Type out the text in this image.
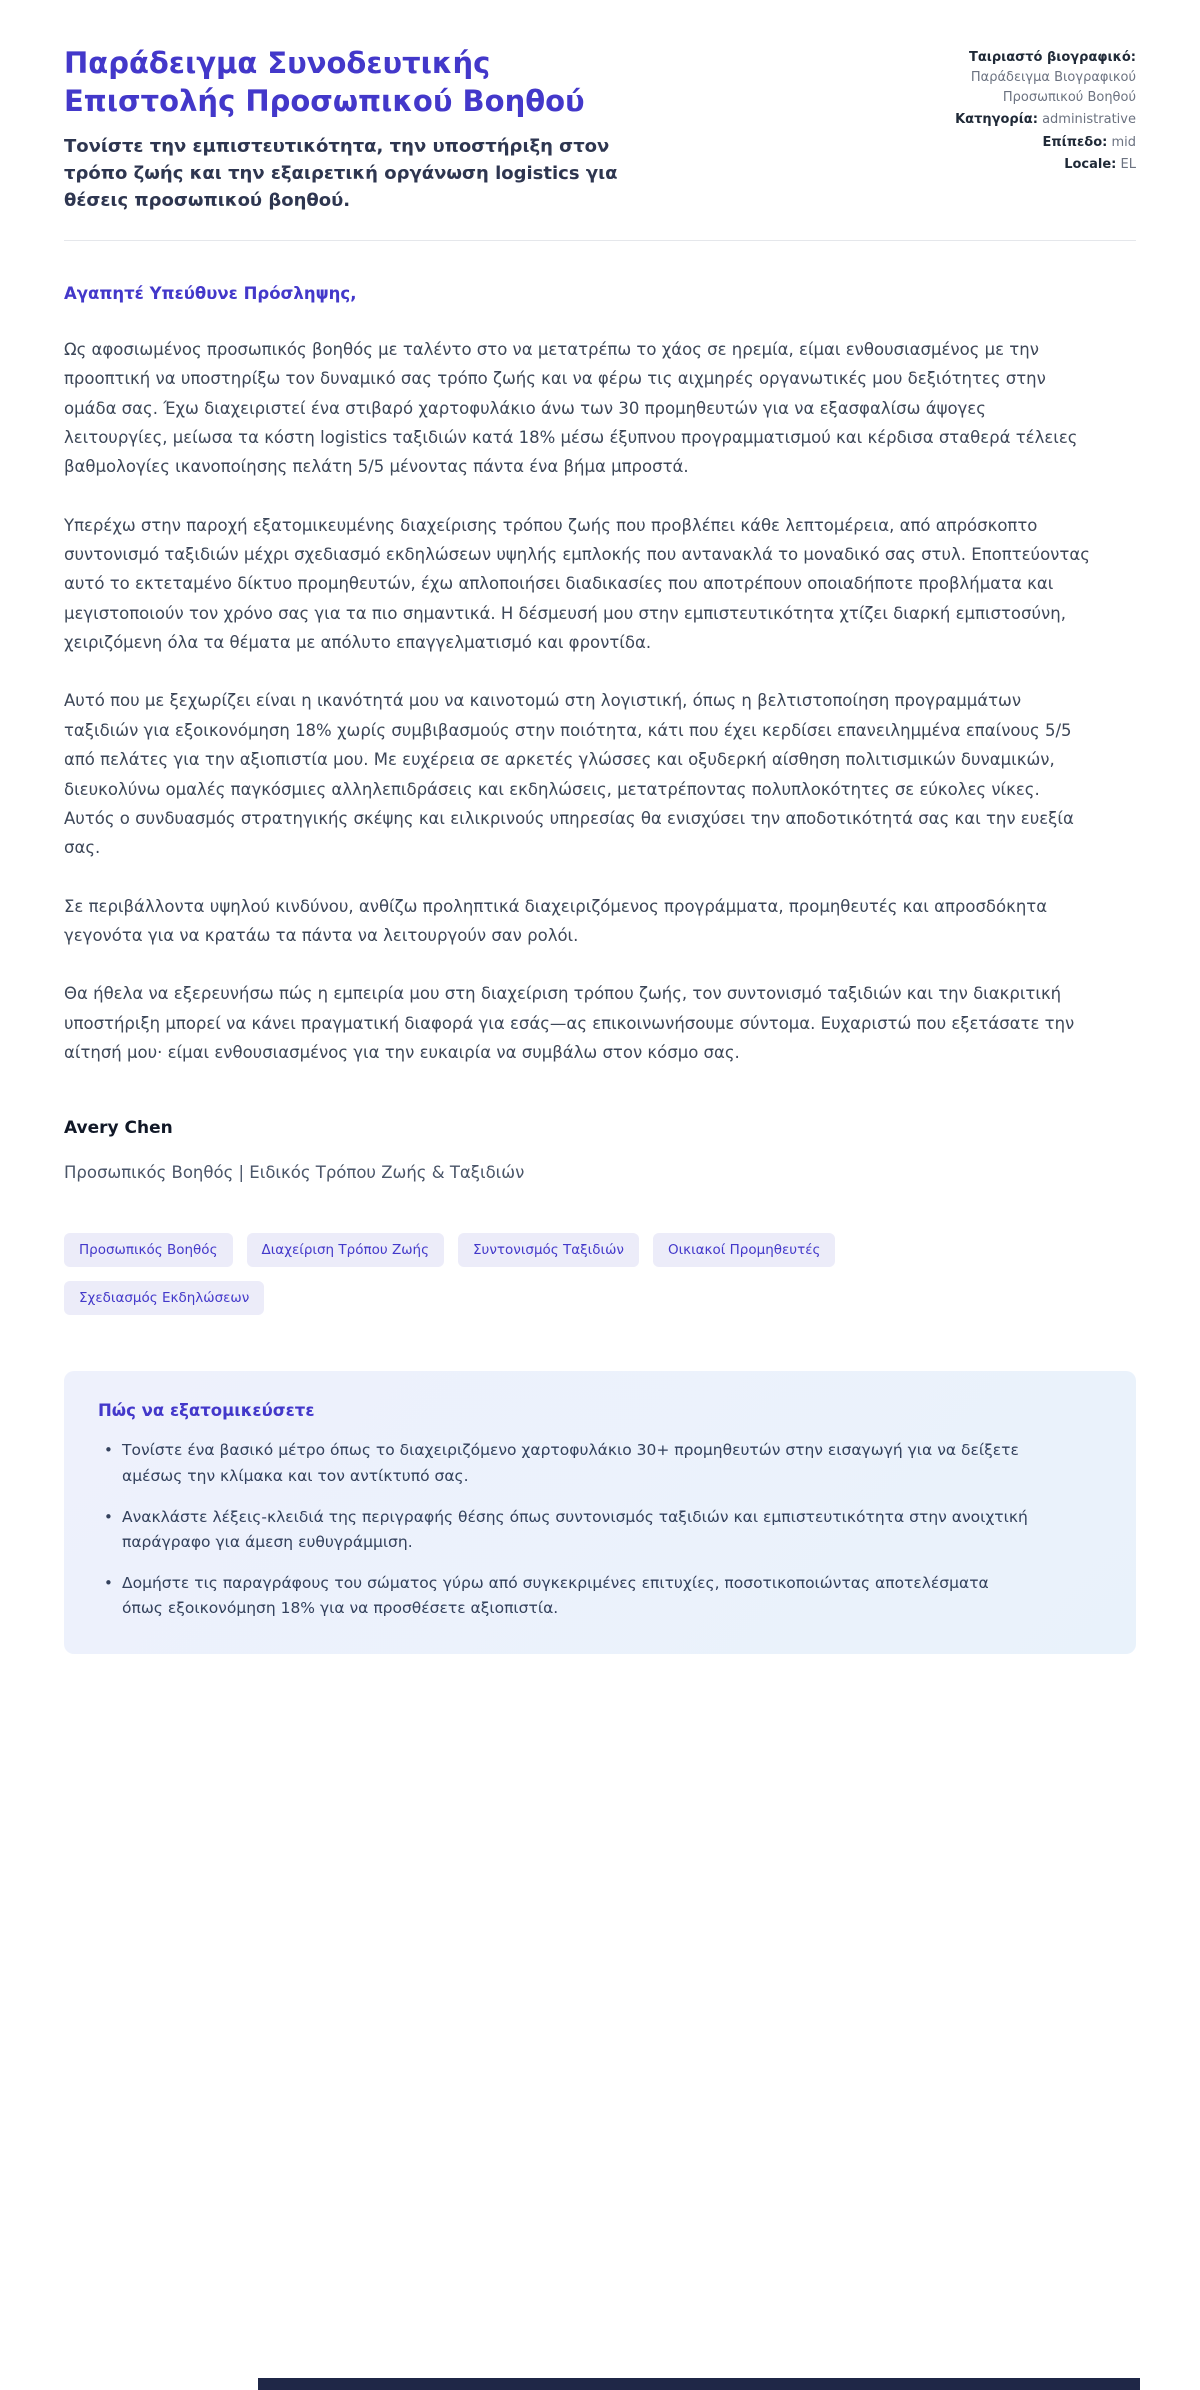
Παράδειγμα Συνοδευτικής Επιστολής Προσωπικού Βοηθού
Τονίστε την εμπιστευτικότητα, την υποστήριξη στον τρόπο ζωής και την εξαιρετική οργάνωση logistics για θέσεις προσωπικού βοηθού.
Ταιριαστό βιογραφικό: Παράδειγμα Βιογραφικού Προσωπικού Βοηθού
Κατηγορία: administrative
Επίπεδο: mid
Locale: EL
Αγαπητέ Υπεύθυνε Πρόσληψης,

Ως αφοσιωμένος προσωπικός βοηθός με ταλέντο στο να μετατρέπω το χάος σε ηρεμία, είμαι ενθουσιασμένος με την προοπτική να υποστηρίξω τον δυναμικό σας τρόπο ζωής και να φέρω τις αιχμηρές οργανωτικές μου δεξιότητες στην ομάδα σας. Έχω διαχειριστεί ένα στιβαρό χαρτοφυλάκιο άνω των 30 προμηθευτών για να εξασφαλίσω άψογες λειτουργίες, μείωσα τα κόστη logistics ταξιδιών κατά 18% μέσω έξυπνου προγραμματισμού και κέρδισα σταθερά τέλειες βαθμολογίες ικανοποίησης πελάτη 5/5 μένοντας πάντα ένα βήμα μπροστά.

Υπερέχω στην παροχή εξατομικευμένης διαχείρισης τρόπου ζωής που προβλέπει κάθε λεπτομέρεια, από απρόσκοπτο συντονισμό ταξιδιών μέχρι σχεδιασμό εκδηλώσεων υψηλής εμπλοκής που αντανακλά το μοναδικό σας στυλ. Εποπτεύοντας αυτό το εκτεταμένο δίκτυο προμηθευτών, έχω απλοποιήσει διαδικασίες που αποτρέπουν οποιαδήποτε προβλήματα και μεγιστοποιούν τον χρόνο σας για τα πιο σημαντικά. Η δέσμευσή μου στην εμπιστευτικότητα χτίζει διαρκή εμπιστοσύνη, χειριζόμενη όλα τα θέματα με απόλυτο επαγγελματισμό και φροντίδα.

Αυτό που με ξεχωρίζει είναι η ικανότητά μου να καινοτομώ στη λογιστική, όπως η βελτιστοποίηση προγραμμάτων ταξιδιών για εξοικονόμηση 18% χωρίς συμβιβασμούς στην ποιότητα, κάτι που έχει κερδίσει επανειλημμένα επαίνους 5/5 από πελάτες για την αξιοπιστία μου. Με ευχέρεια σε αρκετές γλώσσες και οξυδερκή αίσθηση πολιτισμικών δυναμικών, διευκολύνω ομαλές παγκόσμιες αλληλεπιδράσεις και εκδηλώσεις, μετατρέποντας πολυπλοκότητες σε εύκολες νίκες. Αυτός ο συνδυασμός στρατηγικής σκέψης και ειλικρινούς υπηρεσίας θα ενισχύσει την αποδοτικότητά σας και την ευεξία σας.

Σε περιβάλλοντα υψηλού κινδύνου, ανθίζω προληπτικά διαχειριζόμενος προγράμματα, προμηθευτές και απροσδόκητα γεγονότα για να κρατάω τα πάντα να λειτουργούν σαν ρολόι.

Θα ήθελα να εξερευνήσω πώς η εμπειρία μου στη διαχείριση τρόπου ζωής, τον συντονισμό ταξιδιών και την διακριτική υποστήριξη μπορεί να κάνει πραγματική διαφορά για εσάς—ας επικοινωνήσουμε σύντομα. Ευχαριστώ που εξετάσατε την αίτησή μου· είμαι ενθουσιασμένος για την ευκαιρία να συμβάλω στον κόσμο σας.

Avery Chen
Προσωπικός Βοηθός | Ειδικός Τρόπου Ζωής & Ταξιδιών
Προσωπικός Βοηθός	Διαχείριση Τρόπου Ζωής	Συντονισμός Ταξιδιών	Οικιακοί Προμηθευτές
Σχεδιασμός Εκδηλώσεων
Πώς να εξατομικεύσετε
• Τονίστε ένα βασικό μέτρο όπως το διαχειριζόμενο χαρτοφυλάκιο 30+ προμηθευτών στην εισαγωγή για να δείξετε αμέσως την κλίμακα και τον αντίκτυπό σας.
• Ανακλάστε λέξεις-κλειδιά της περιγραφής θέσης όπως συντονισμός ταξιδιών και εμπιστευτικότητα στην ανοιχτική παράγραφο για άμεση ευθυγράμμιση.
• Δομήστε τις παραγράφους του σώματος γύρω από συγκεκριμένες επιτυχίες, ποσοτικοποιώντας αποτελέσματα όπως εξοικονόμηση 18% για να προσθέσετε αξιοπιστία.
